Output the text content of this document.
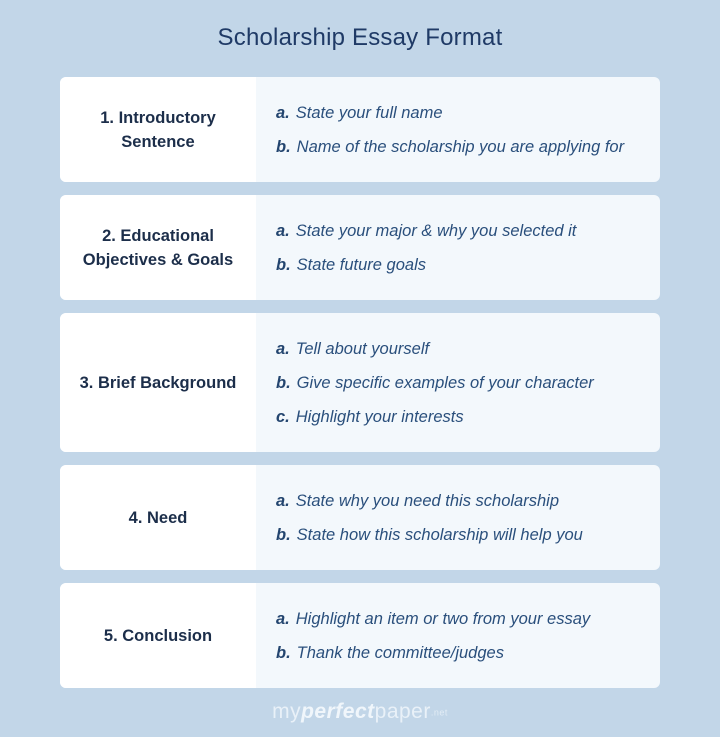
Scholarship Essay Format
1. Introductory
Sentence
a. State your full name
b. Name of the scholarship you are applying for
2. Educational
Objectives & Goals
a. State your major & why you selected it
b. State future goals
3. Brief Background
a. Tell about yourself
b. Give specific examples of your character
c. Highlight your interests
4. Need
a. State why you need this scholarship
b. State how this scholarship will help you
5. Conclusion
a. Highlight an item or two from your essay
b. Thank the committee/judges
myperfectpaper.net
